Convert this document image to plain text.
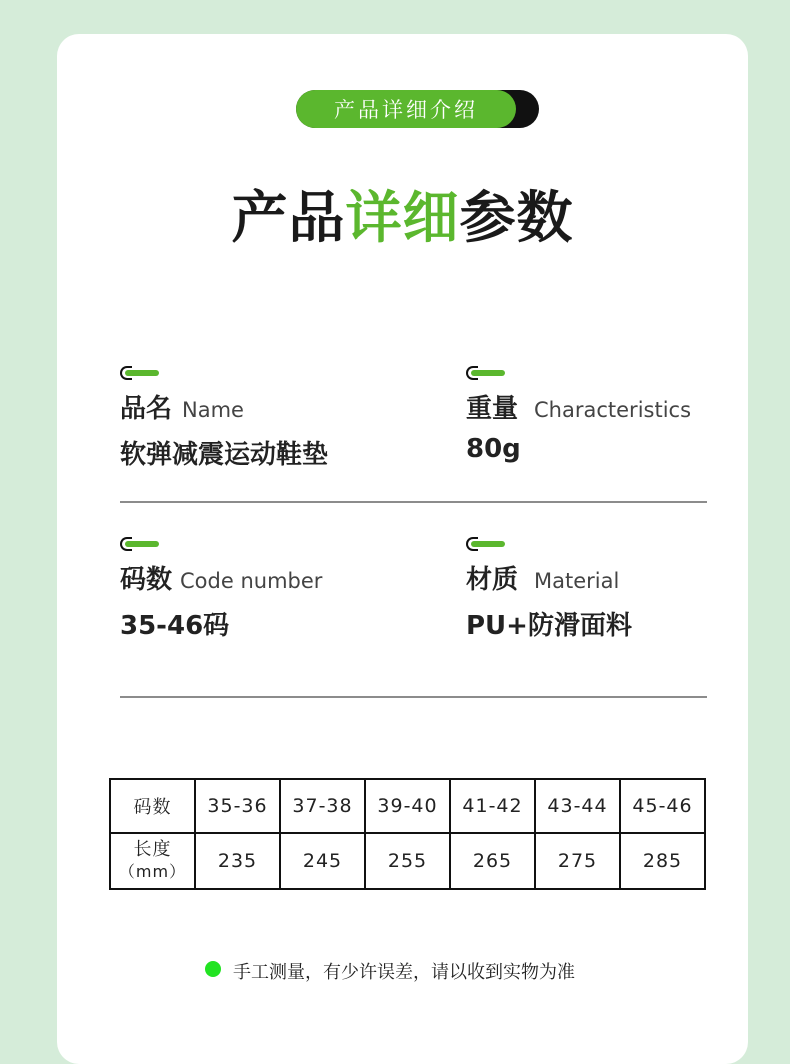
产品详细介绍
产品详细参数
品名 Name
软弹减震运动鞋垫
重量 Characteristics
80g
码数 Code number
35-46码
材质 Material
PU+防滑面料
码数	35-36	37-38	39-40	41-42	43-44	45-46

长度
（mm）	235	245	255	265	275	285
手工测量，有少许误差，请以收到实物为准
